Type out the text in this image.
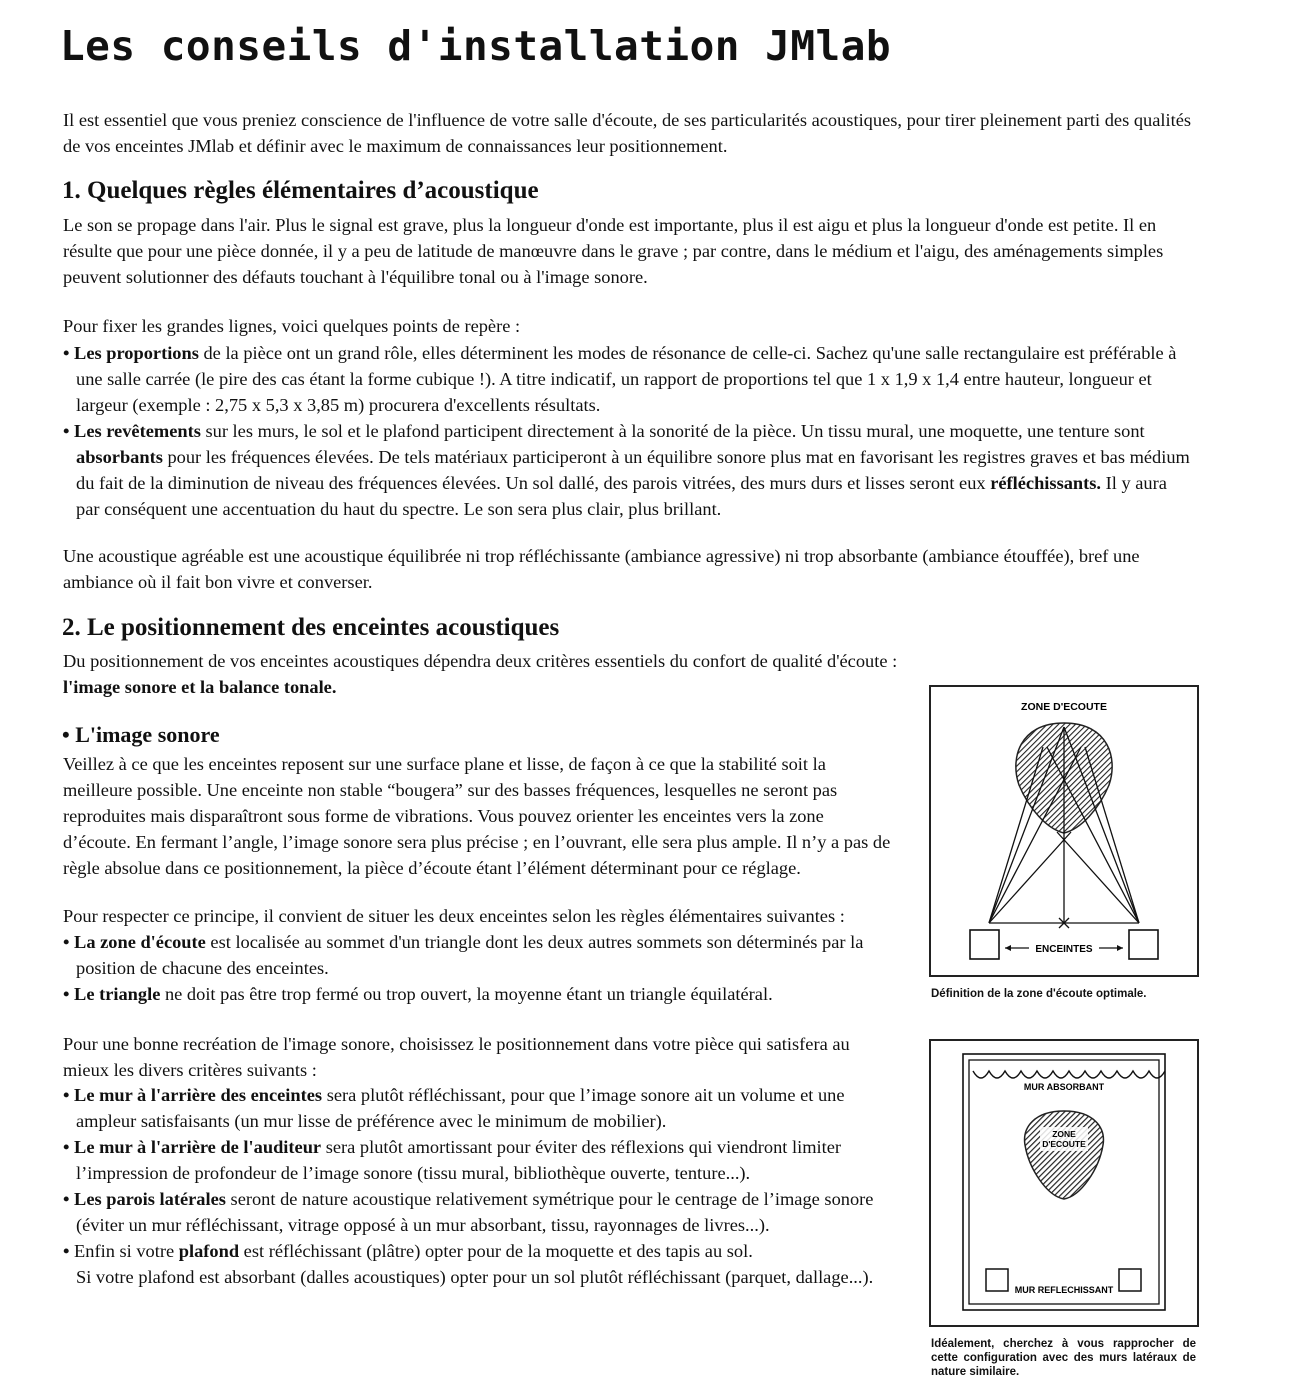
Les conseils d'installation JMlab

Il est essentiel que vous preniez conscience de l'influence de votre salle d'écoute, de ses particularités acoustiques, pour tirer pleinement parti des qualités de vos enceintes JMlab et définir avec le maximum de connaissances leur positionnement.

1. Quelques règles élémentaires d’acoustique

Le son se propage dans l'air. Plus le signal est grave, plus la longueur d'onde est importante, plus il est aigu et plus la longueur d'onde est petite. Il en résulte que pour une pièce donnée, il y a peu de latitude de manœuvre dans le grave ; par contre, dans le médium et l'aigu, des aménagements simples peuvent solutionner des défauts touchant à l'équilibre tonal ou à l'image sonore.

Pour fixer les grandes lignes, voici quelques points de repère :

• Les proportions de la pièce ont un grand rôle, elles déterminent les modes de résonance de celle-ci. Sachez qu'une salle rectangulaire est préférable à une salle carrée (le pire des cas étant la forme cubique !). A titre indicatif, un rapport de proportions tel que 1 x 1,9 x 1,4 entre hauteur, longueur et largeur (exemple : 2,75 x 5,3 x 3,85 m) procurera d'excellents résultats.
• Les revêtements sur les murs, le sol et le plafond participent directement à la sonorité de la pièce. Un tissu mural, une moquette, une tenture sont absorbants pour les fréquences élevées. De tels matériaux participeront à un équilibre sonore plus mat en favorisant les registres graves et bas médium du fait de la diminution de niveau des fréquences élevées. Un sol dallé, des parois vitrées, des murs durs et lisses seront eux réfléchissants. Il y aura par conséquent une accentuation du haut du spectre. Le son sera plus clair, plus brillant.

Une acoustique agréable est une acoustique équilibrée ni trop réfléchissante (ambiance agressive) ni trop absorbante (ambiance étouffée), bref une ambiance où il fait bon vivre et converser.

2. Le positionnement des enceintes acoustiques

Du positionnement de vos enceintes acoustiques dépendra deux critères essentiels du confort de qualité d'écoute :
l'image sonore et la balance tonale.

• L'image sonore

Veillez à ce que les enceintes reposent sur une surface plane et lisse, de façon à ce que la stabilité soit la meilleure possible. Une enceinte non stable “bougera” sur des basses fréquences, lesquelles ne seront pas reproduites mais disparaîtront sous forme de vibrations. Vous pouvez orienter les enceintes vers la zone d’écoute. En fermant l’angle, l’image sonore sera plus précise ; en l’ouvrant, elle sera plus ample. Il n’y a pas de règle absolue dans ce positionnement, la pièce d’écoute étant l’élément déterminant pour ce réglage.

Pour respecter ce principe, il convient de situer les deux enceintes selon les règles élémentaires suivantes :

• La zone d'écoute est localisée au sommet d'un triangle dont les deux autres sommets son déterminés par la position de chacune des enceintes.
• Le triangle ne doit pas être trop fermé ou trop ouvert, la moyenne étant un triangle équilatéral.

Pour une bonne recréation de l'image sonore, choisissez le positionnement dans votre pièce qui satisfera au mieux les divers critères suivants :

• Le mur à l'arrière des enceintes sera plutôt réfléchissant, pour que l’image sonore ait un volume et une ampleur satisfaisants (un mur lisse de préférence avec le minimum de mobilier).
• Le mur à l'arrière de l'auditeur sera plutôt amortissant pour éviter des réflexions qui viendront limiter l’impression de profondeur de l’image sonore (tissu mural, bibliothèque ouverte, tenture...).
• Les parois latérales seront de nature acoustique relativement symétrique pour le centrage de l’image sonore (éviter un mur réfléchissant, vitrage opposé à un mur absorbant, tissu, rayonnages de livres...).
• Enfin si votre plafond est réfléchissant (plâtre) opter pour de la moquette et des tapis au sol.
Si votre plafond est absorbant (dalles acoustiques) opter pour un sol plutôt réfléchissant (parquet, dallage...).
ZONE D'ECOUTE
ENCEINTES
Définition de la zone d'écoute optimale.
MUR ABSORBANT
ZONE
D'ECOUTE
MUR REFLECHISSANT
Idéalement, cherchez à vous rapprocher de cette configuration avec des murs latéraux de nature similaire.
